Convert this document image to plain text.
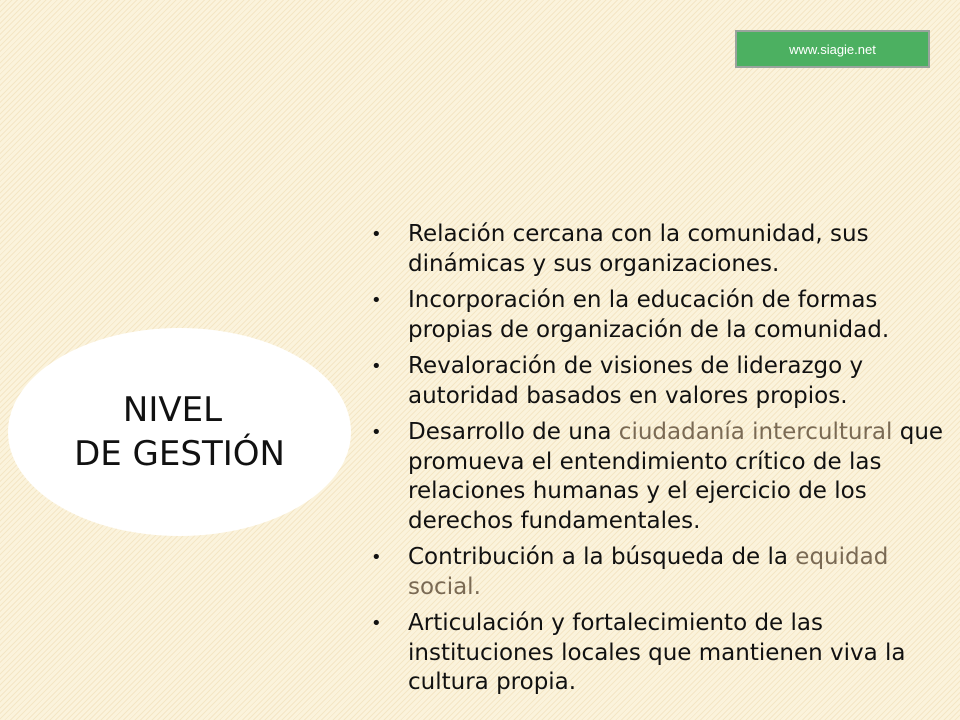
www.siagie.net
NIVEL
DE GESTIÓN
• Relación cercana con la comunidad, sus dinámicas y sus organizaciones.
• Incorporación en la educación de formas propias de organización de la comunidad.
• Revaloración de visiones de liderazgo y autoridad basados en valores propios.
• Desarrollo de una ciudadanía intercultural que promueva el entendimiento crítico de las relaciones humanas y el ejercicio de los derechos fundamentales.
• Contribución a la búsqueda de la equidad social.
• Articulación y fortalecimiento de las instituciones locales que mantienen viva la cultura propia.
